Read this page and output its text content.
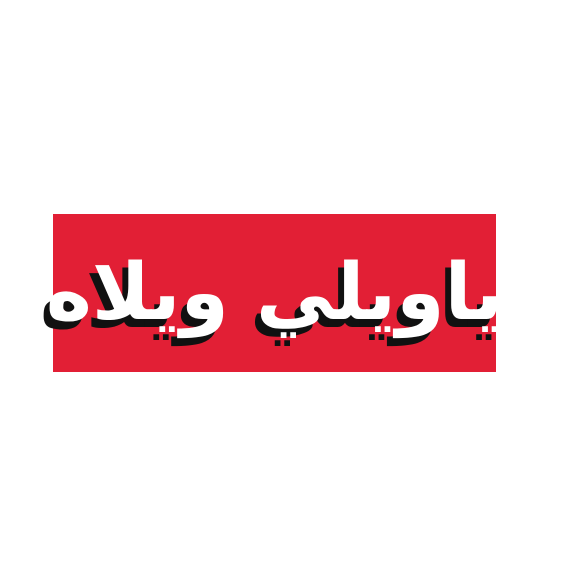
ياويلي ويلاه
